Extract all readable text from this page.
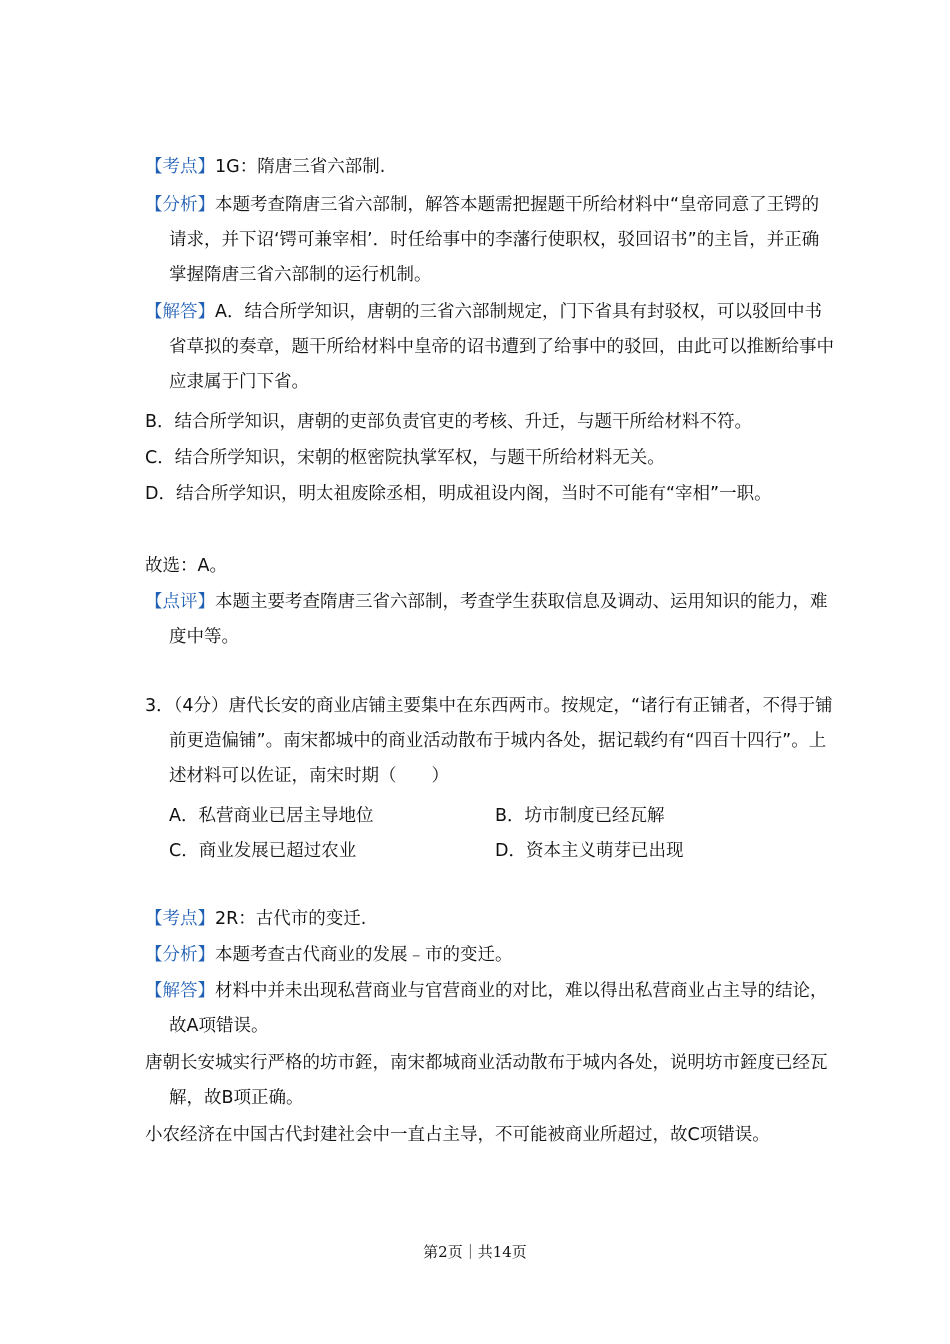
【考点】1G：隋唐三省六部制.

【分析】本题考查隋唐三省六部制，解答本题需把握题干所给材料中“皇帝同意了王锷的请求，并下诏‘锷可兼宰相’．时任给事中的李藩行使职权，驳回诏书”的主旨，并正确掌握隋唐三省六部制的运行机制。

【解答】A．结合所学知识，唐朝的三省六部制规定，门下省具有封驳权，可以驳回中书省草拟的奏章，题干所给材料中皇帝的诏书遭到了给事中的驳回，由此可以推断给事中应隶属于门下省。

B．结合所学知识，唐朝的吏部负责官吏的考核、升迁，与题干所给材料不符。

C．结合所学知识，宋朝的枢密院执掌军权，与题干所给材料无关。

D．结合所学知识，明太祖废除丞相，明成祖设内阁，当时不可能有“宰相”一职。

故选：A。

【点评】本题主要考查隋唐三省六部制，考查学生获取信息及调动、运用知识的能力，难度中等。

3．（4分）唐代长安的商业店铺主要集中在东西两市。按规定，“诸行有正铺者，不得于铺前更造偏铺”。南宋都城中的商业活动散布于城内各处，据记载约有“四百十四行”。上述材料可以佐证，南宋时期（　　）

A．私营商业已居主导地位	B．坊市制度已经瓦解
C．商业发展已超过农业	D．资本主义萌芽已出现

【考点】2R：古代市的变迁.

【分析】本题考查古代商业的发展﹣市的变迁。

【解答】材料中并未出现私营商业与官营商业的对比，难以得出私营商业占主导的结论，故A项错误。

唐朝长安城实行严格的坊市銍，南宋都城商业活动散布于城内各处，说明坊市銍度已经瓦解，故B项正确。

小农经济在中国古代封建社会中一直占主导，不可能被商业所超过，故C项错误。

第2页｜共14页
